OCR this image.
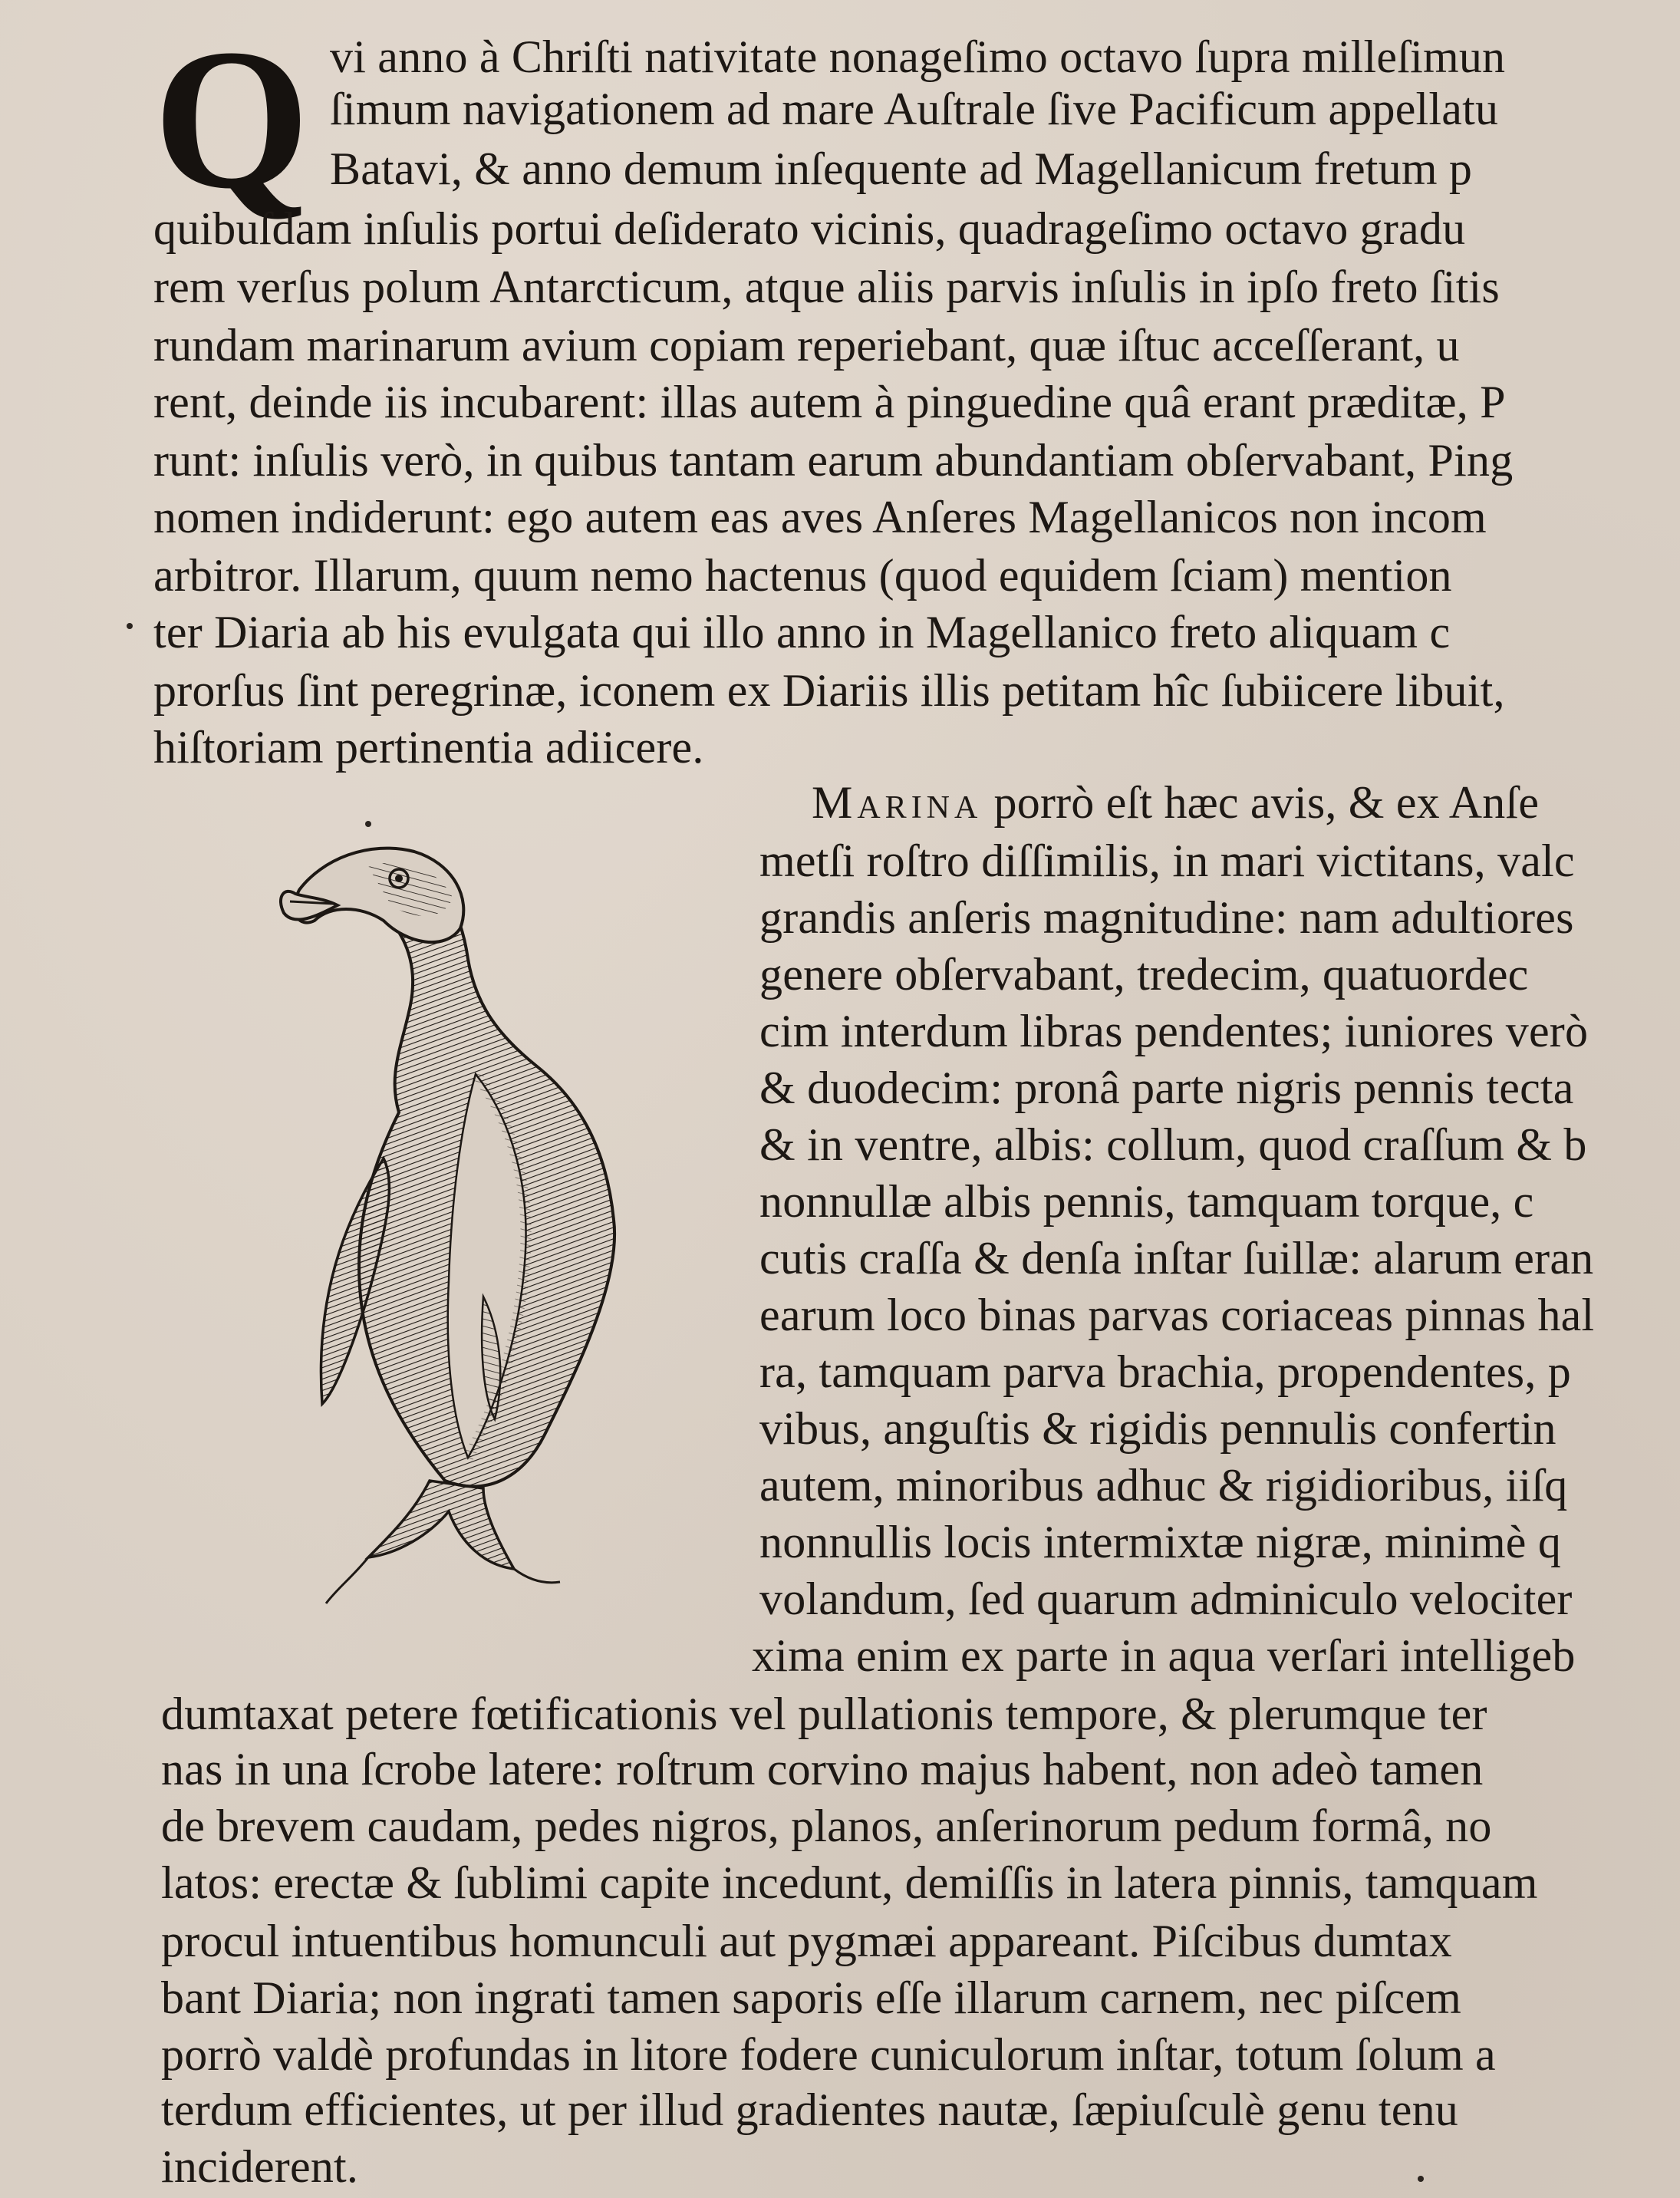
Q vi anno à Chriſti nativitate nonageſimo octavo ſupra milleſimun
ſimum navigationem ad mare Auſtrale ſive Pacificum appellatu
Batavi, & anno demum inſequente ad Magellanicum fretum p
quibuſdam inſulis portui deſiderato vicinis, quadrageſimo octavo gradu
rem verſus polum Antarcticum, atque aliis parvis inſulis in ipſo freto ſitis
rundam marinarum avium copiam reperiebant, quæ iſtuc acceſſerant, u
rent, deinde iis incubarent: illas autem à pinguedine quâ erant præditæ, P
runt: inſulis verò, in quibus tantam earum abundantiam obſervabant, Ping
nomen indiderunt: ego autem eas aves Anſeres Magellanicos non incom
arbitror. Illarum, quum nemo hactenus (quod equidem ſciam) mention
ter Diaria ab his evulgata qui illo anno in Magellanico freto aliquam c
prorſus ſint peregrinæ, iconem ex Diariis illis petitam hîc ſubiicere libuit,
hiſtoriam pertinentia adiicere.
Marina porrò eſt hæc avis, & ex Anſe
metſi roſtro diſſimilis, in mari victitans, valc
grandis anſeris magnitudine: nam adultiores
genere obſervabant, tredecim, quatuordec
cim interdum libras pendentes; iuniores verò
& duodecim: pronâ parte nigris pennis tecta
& in ventre, albis: collum, quod craſſum & b
nonnullæ albis pennis, tamquam torque, c
cutis craſſa & denſa inſtar ſuillæ: alarum eran
earum loco binas parvas coriaceas pinnas hal
ra, tamquam parva brachia, propendentes, p
vibus, anguſtis & rigidis pennulis confertin
autem, minoribus adhuc & rigidioribus, iiſq
nonnullis locis intermixtæ nigræ, minimè q
volandum, ſed quarum adminiculo velociter
xima enim ex parte in aqua verſari intelligeb
dumtaxat petere fœtificationis vel pullationis tempore, & plerumque ter
nas in una ſcrobe latere: roſtrum corvino majus habent, non adeò tamen
de brevem caudam, pedes nigros, planos, anſerinorum pedum formâ, no
latos: erectæ & ſublimi capite incedunt, demiſſis in latera pinnis, tamquam
procul intuentibus homunculi aut pygmæi appareant. Piſcibus dumtax
bant Diaria; non ingrati tamen saporis eſſe illarum carnem, nec piſcem
porrò valdè profundas in litore fodere cuniculorum inſtar, totum ſolum a
terdum efficientes, ut per illud gradientes nautæ, ſæpiuſculè genu tenu
inciderent.
